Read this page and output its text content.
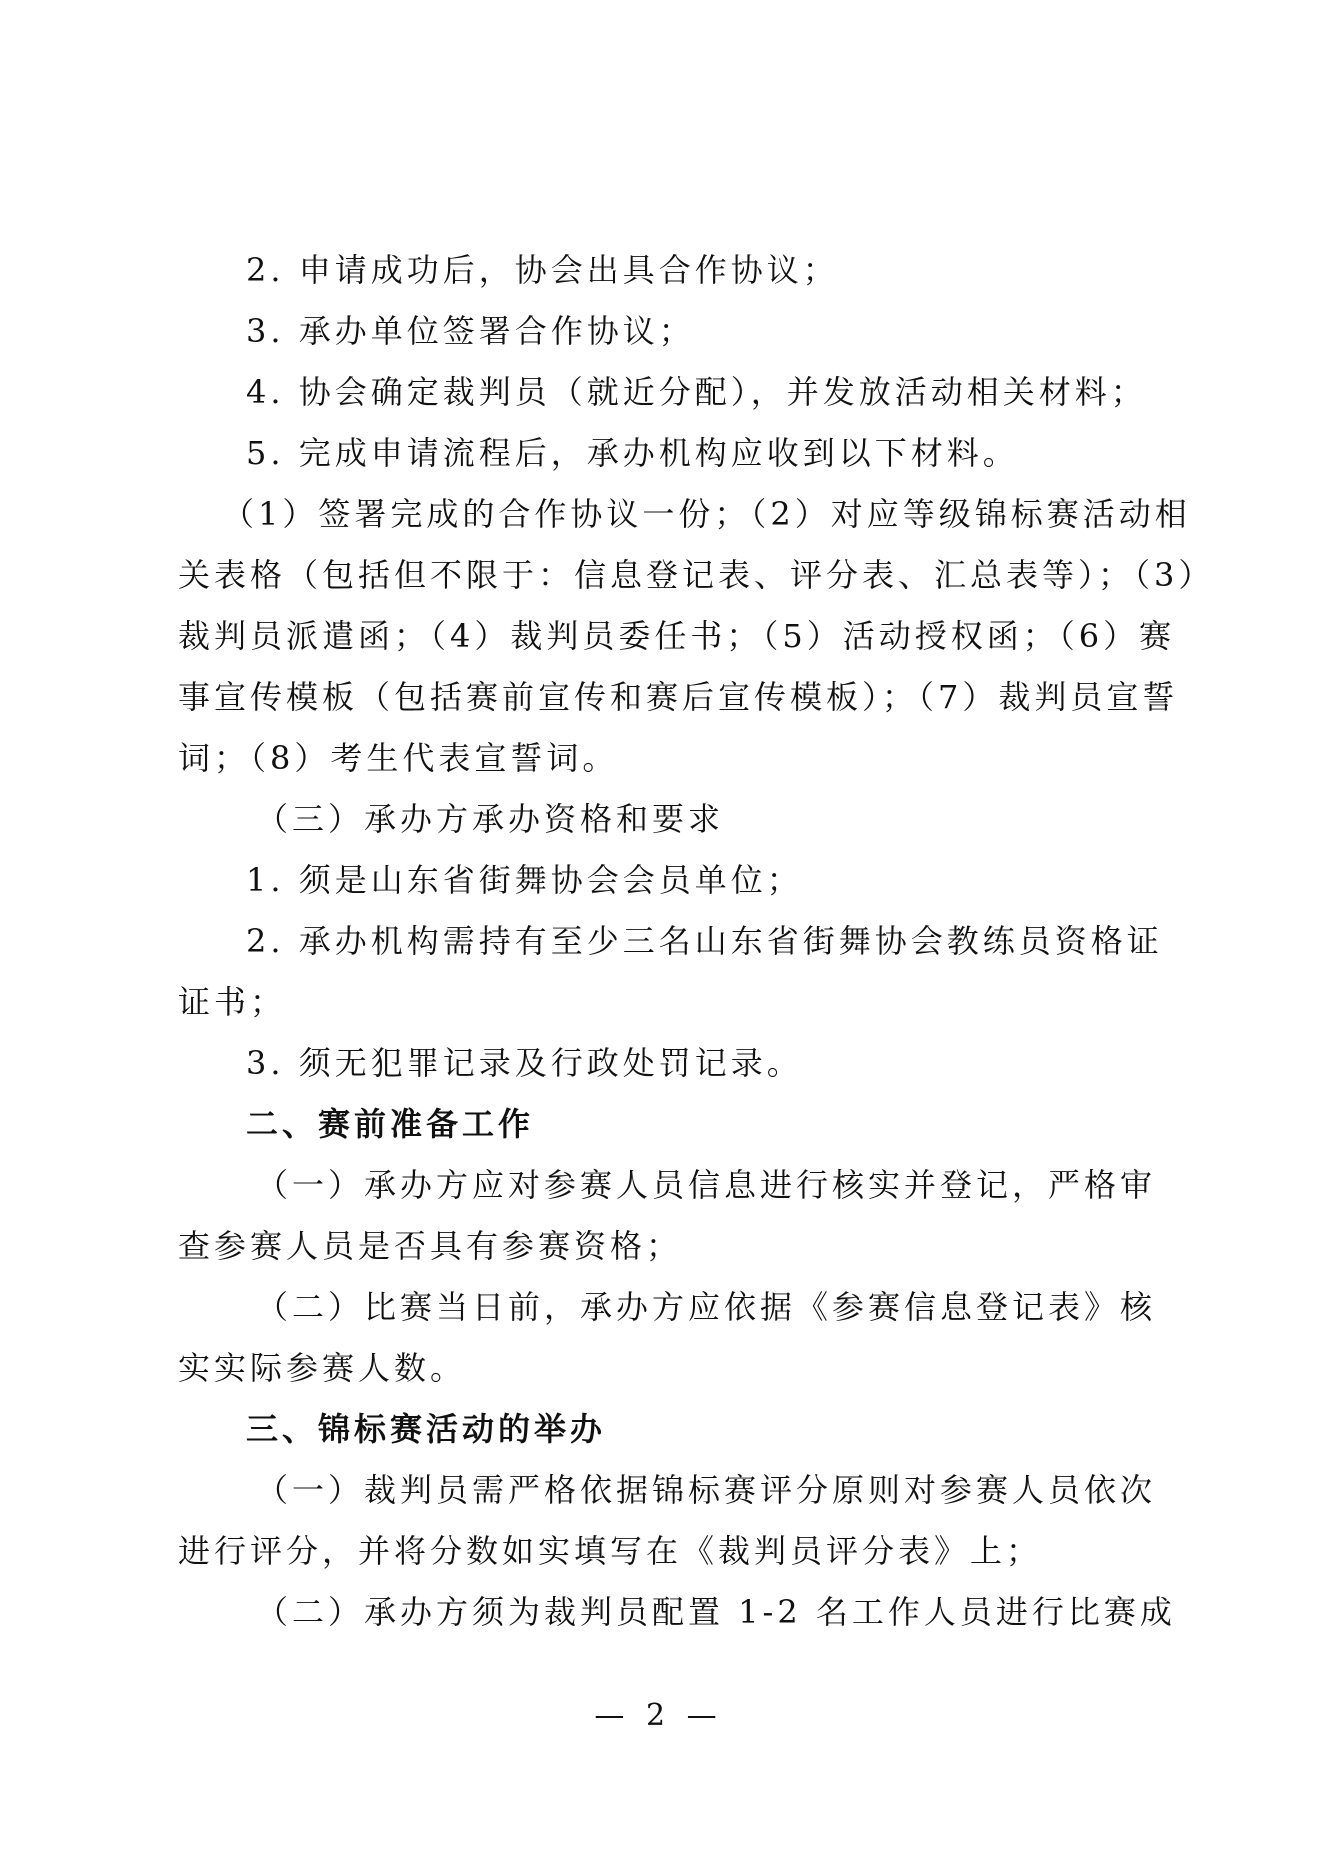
2. 申请成功后，协会出具合作协议；
3. 承办单位签署合作协议；
4. 协会确定裁判员（就近分配），并发放活动相关材料；
5. 完成申请流程后，承办机构应收到以下材料。
（1）签署完成的合作协议一份；（2）对应等级锦标赛活动相
关表格（包括但不限于：信息登记表、评分表、汇总表等）；（3）
裁判员派遣函；（4）裁判员委任书；（5）活动授权函；（6）赛
事宣传模板（包括赛前宣传和赛后宣传模板）；（7）裁判员宣誓
词；（8）考生代表宣誓词。
（三）承办方承办资格和要求
1. 须是山东省街舞协会会员单位；
2. 承办机构需持有至少三名山东省街舞协会教练员资格证
证书；
3. 须无犯罪记录及行政处罚记录。
二、赛前准备工作
（一）承办方应对参赛人员信息进行核实并登记，严格审
查参赛人员是否具有参赛资格；
（二）比赛当日前，承办方应依据《参赛信息登记表》核
实实际参赛人数。
三、锦标赛活动的举办
（一）裁判员需严格依据锦标赛评分原则对参赛人员依次
进行评分，并将分数如实填写在《裁判员评分表》上；
（二）承办方须为裁判员配置 1-2 名工作人员进行比赛成
— 2 —
